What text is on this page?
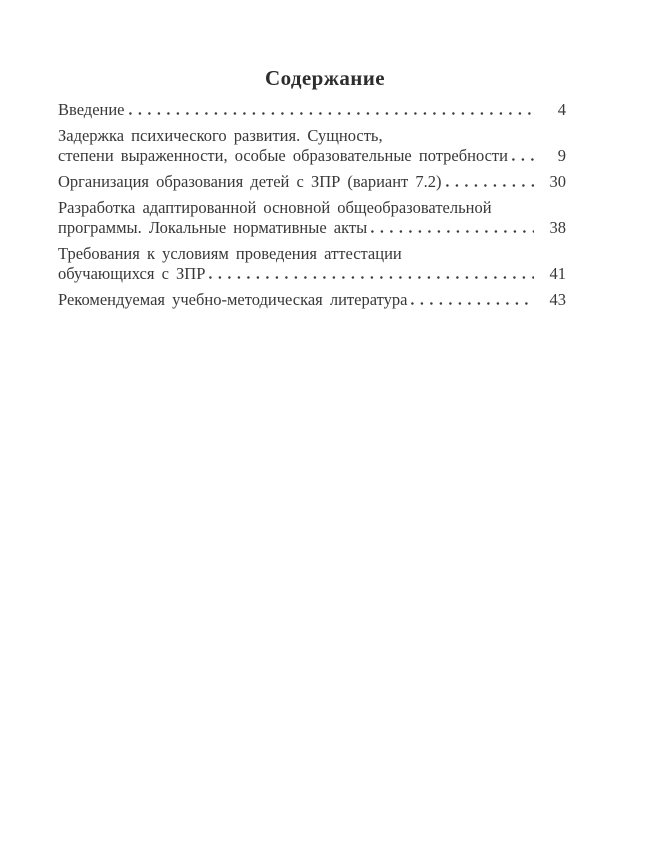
Содержание
Введение	4
Задержка психического развития. Сущность,
степени выраженности, особые образовательные потребности	9
Организация образования детей с ЗПР (вариант 7.2)	30
Разработка адаптированной основной общеобразовательной
программы. Локальные нормативные акты	38
Требования к условиям проведения аттестации
обучающихся с ЗПР	41
Рекомендуемая учебно-методическая литература	43
